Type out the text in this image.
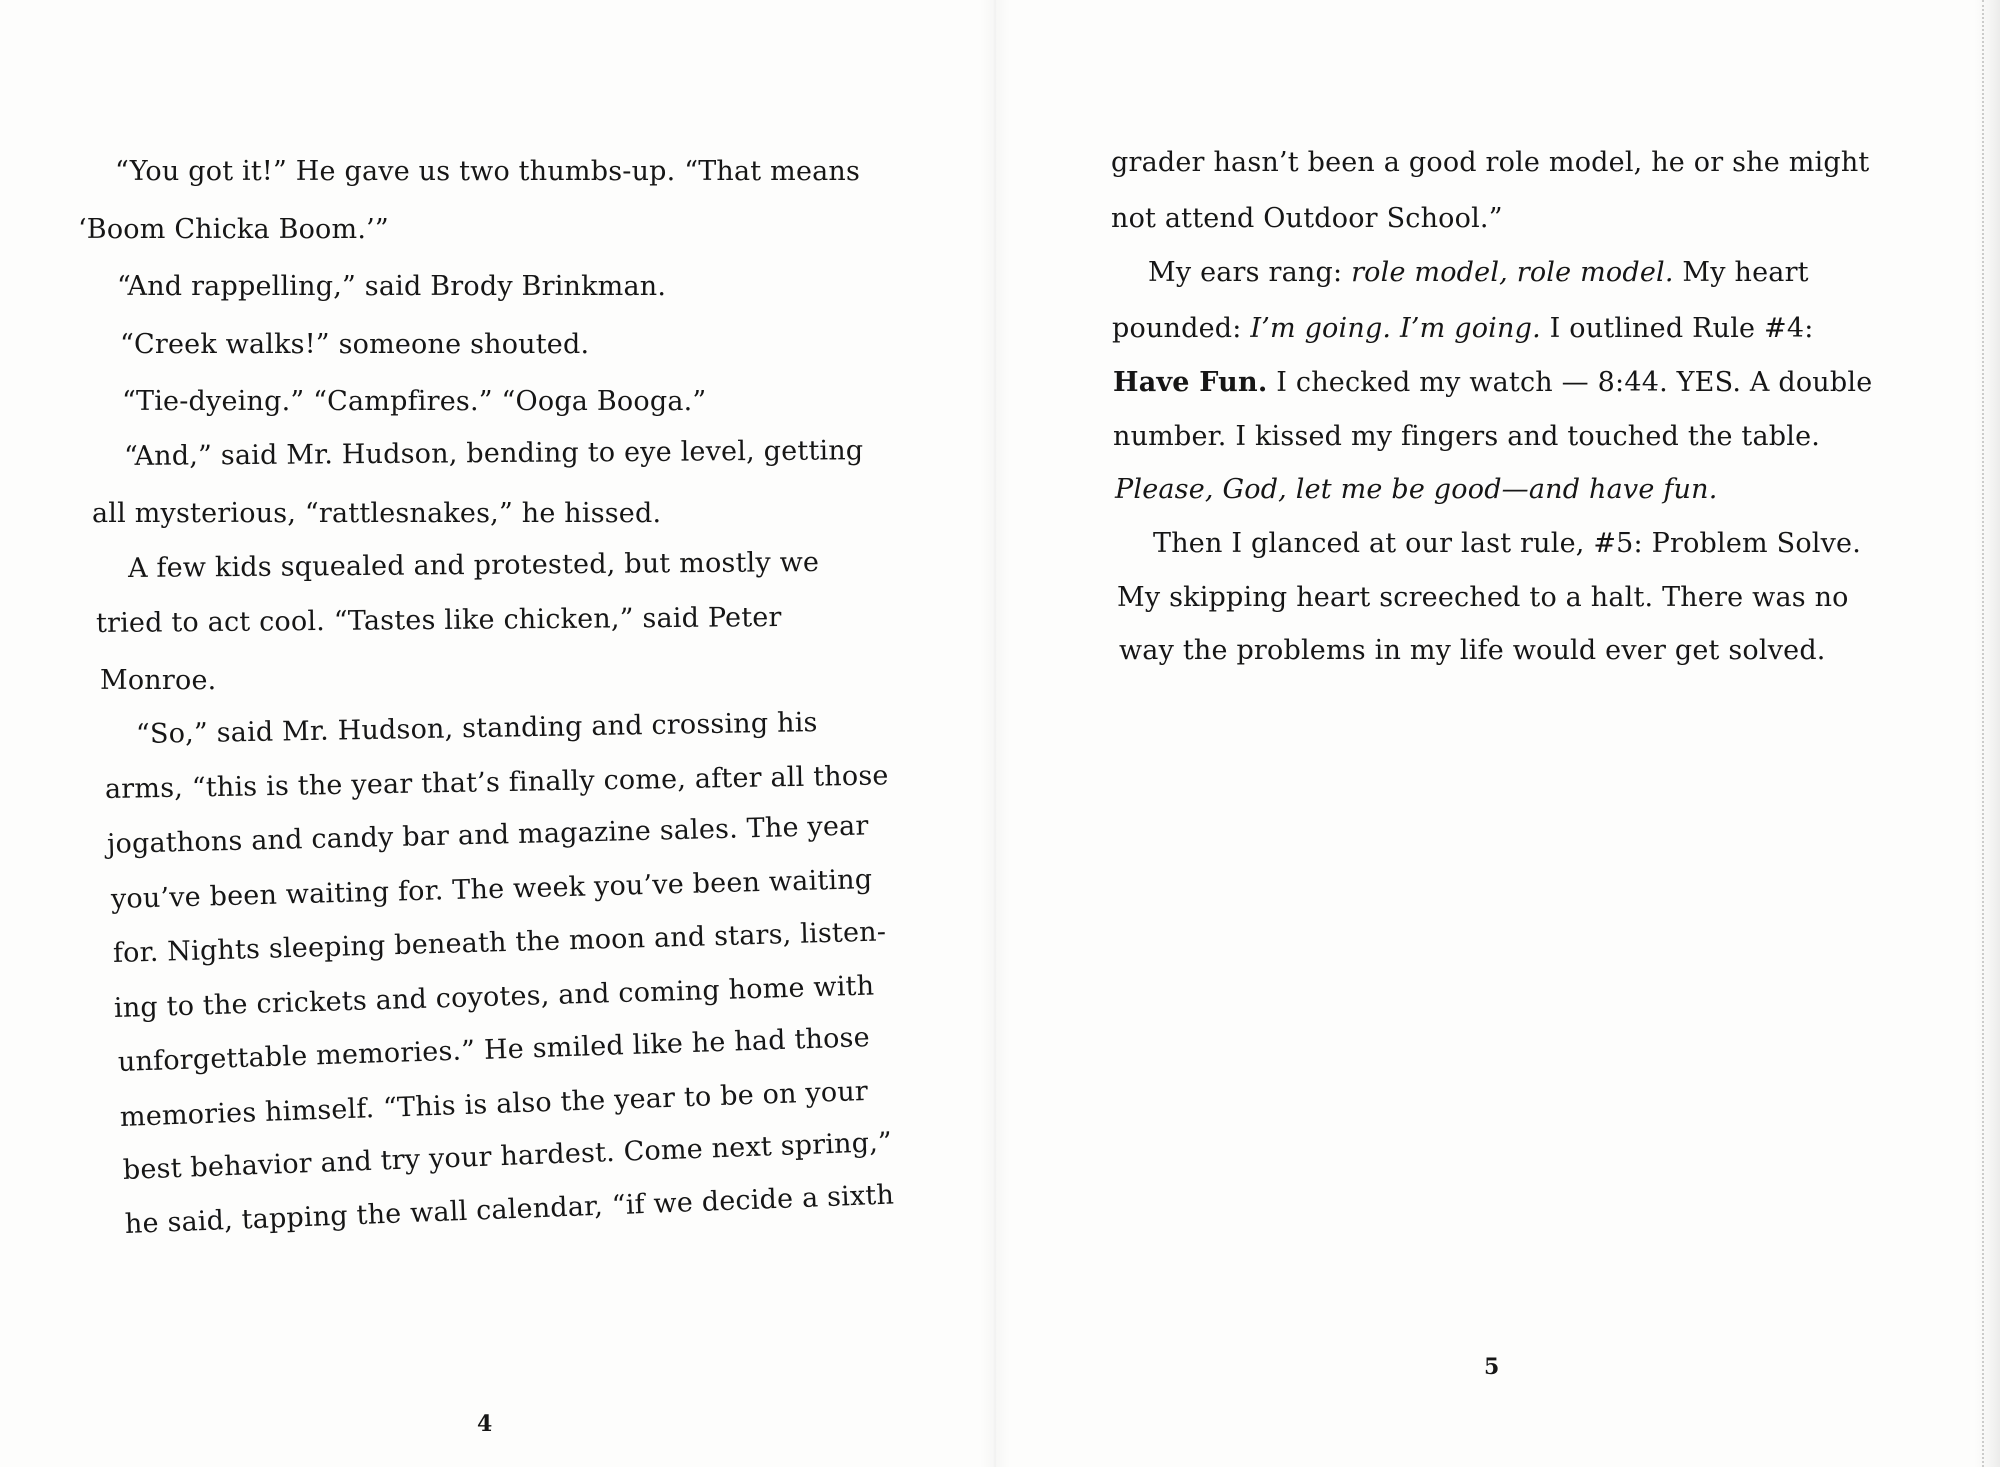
“You got it!” He gave us two thumbs-up. “That means
‘Boom Chicka Boom.’”
“And rappelling,” said Brody Brinkman.
“Creek walks!” someone shouted.
“Tie-dyeing.” “Campfires.” “Ooga Booga.”
“And,” said Mr. Hudson, bending to eye level, getting
all mysterious, “rattlesnakes,” he hissed.
A few kids squealed and protested, but mostly we
tried to act cool. “Tastes like chicken,” said Peter
Monroe.
“So,” said Mr. Hudson, standing and crossing his
arms, “this is the year that’s finally come, after all those
jogathons and candy bar and magazine sales. The year
you’ve been waiting for. The week you’ve been waiting
for. Nights sleeping beneath the moon and stars, listen-
ing to the crickets and coyotes, and coming home with
unforgettable memories.” He smiled like he had those
memories himself. “This is also the year to be on your
best behavior and try your hardest. Come next spring,”
he said, tapping the wall calendar, “if we decide a sixth
4
grader hasn’t been a good role model, he or she might
not attend Outdoor School.”
My ears rang: role model, role model. My heart
pounded: I’m going. I’m going. I outlined Rule #4:
Have Fun. I checked my watch — 8:44. YES. A double
number. I kissed my fingers and touched the table.
Please, God, let me be good—and have fun.
Then I glanced at our last rule, #5: Problem Solve.
My skipping heart screeched to a halt. There was no
way the problems in my life would ever get solved.
5
